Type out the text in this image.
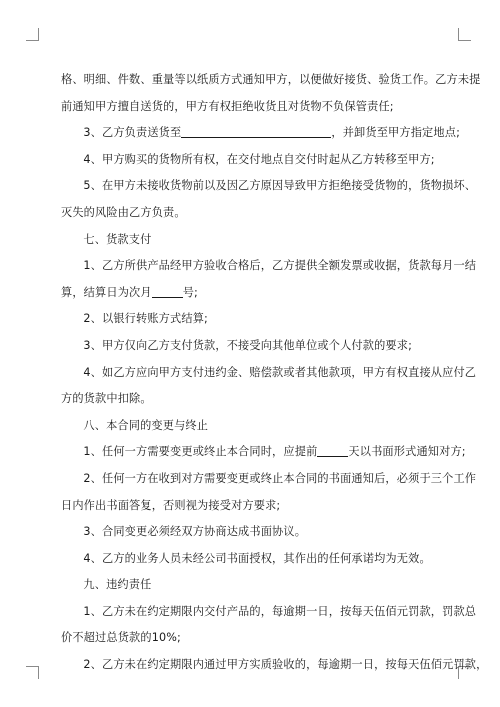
格、明细、件数、重量等以纸质方式通知甲方，以便做好接货、验货工作。乙方未提

前通知甲方擅自送货的，甲方有权拒绝收货且对货物不负保管责任;

3、乙方负责送货至	，并卸货至甲方指定地点;

4、甲方购买的货物所有权，在交付地点自交付时起从乙方转移至甲方;

5、在甲方未接收货物前以及因乙方原因导致甲方拒绝接受货物的，货物损坏、

灭失的风险由乙方负责。

七、货款支付

1、乙方所供产品经甲方验收合格后，乙方提供全额发票或收据，货款每月一结

算，结算日为次月	号;

2、以银行转账方式结算;

3、甲方仅向乙方支付货款，不接受向其他单位或个人付款的要求;

4、如乙方应向甲方支付违约金、赔偿款或者其他款项，甲方有权直接从应付乙

方的货款中扣除。

八、本合同的变更与终止

1、任何一方需要变更或终止本合同时，应提前	天以书面形式通知对方;

2、任何一方在收到对方需要变更或终止本合同的书面通知后，必须于三个工作

日内作出书面答复，否则视为接受对方要求;

3、合同变更必须经双方协商达成书面协议。

4、乙方的业务人员未经公司书面授权，其作出的任何承诺均为无效。

九、违约责任

1、乙方未在约定期限内交付产品的，每逾期一日，按每天伍佰元罚款，罚款总

价不超过总货款的10%;

2、乙方未在约定期限内通过甲方实质验收的，每逾期一日，按每天伍佰元罚款，
